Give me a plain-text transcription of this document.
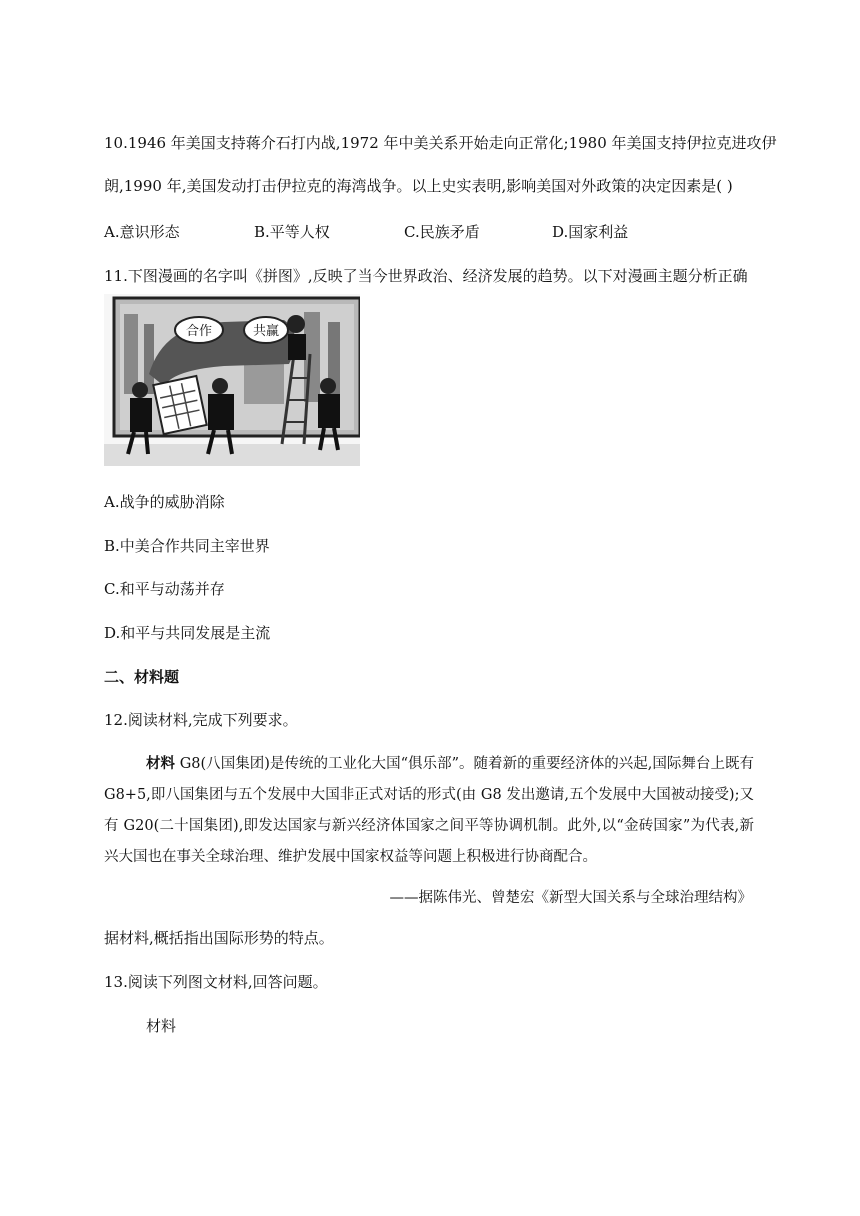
10.1946 年美国支持蒋介石打内战,1972 年中美关系开始走向正常化;1980 年美国支持伊拉克进攻伊
朗,1990 年,美国发动打击伊拉克的海湾战争。以上史实表明,影响美国对外政策的决定因素是( )
A.意识形态	B.平等人权	C.民族矛盾	D.国家利益
11.下图漫画的名字叫《拼图》,反映了当今世界政治、经济发展的趋势。以下对漫画主题分析正确
合作	共赢
A.战争的威胁消除
B.中美合作共同主宰世界
C.和平与动荡并存
D.和平与共同发展是主流
二、材料题
12.阅读材料,完成下列要求。
材料 G8(八国集团)是传统的工业化大国“俱乐部”。随着新的重要经济体的兴起,国际舞台上既有 G8+5,即八国集团与五个发展中大国非正式对话的形式(由 G8 发出邀请,五个发展中大国被动接受);又有 G20(二十国集团),即发达国家与新兴经济体国家之间平等协调机制。此外,以“金砖国家”为代表,新兴大国也在事关全球治理、维护发展中国家权益等问题上积极进行协商配合。
——据陈伟光、曾楚宏《新型大国关系与全球治理结构》
据材料,概括指出国际形势的特点。
13.阅读下列图文材料,回答问题。
材料
